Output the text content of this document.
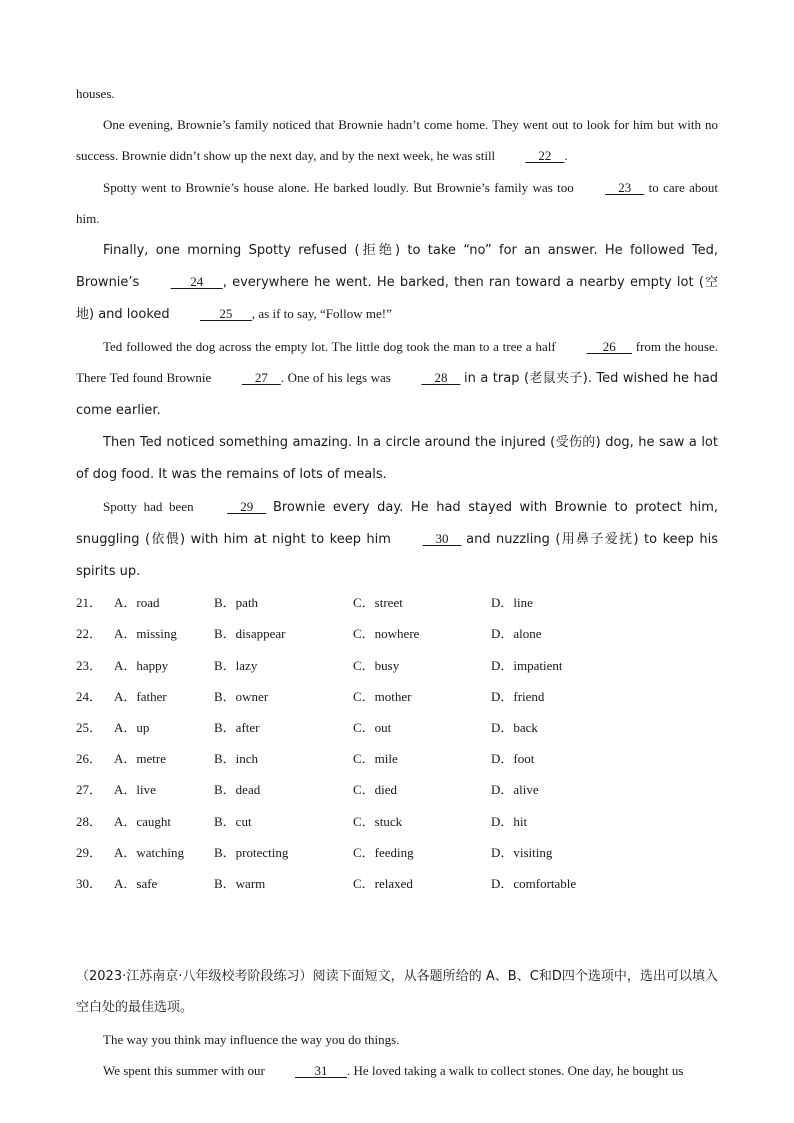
houses.

One evening, Brownie’s family noticed that Brownie hadn’t come home. They went out to look for him but with no success. Brownie didn’t show up the next day, and by the next week, he was still     22    .

Spotty went to Brownie’s house alone. He barked loudly. But Brownie’s family was too     23     to care about him.

Finally, one morning Spotty refused (拒绝) to take “no” for an answer. He followed Ted, Brownie’s       24      , everywhere he went. He barked, then ran toward a nearby empty lot (空地) and looked       25      , as if to say, “Follow me!”

Ted followed the dog across the empty lot. The little dog took the man to a tree a half      26      from the house. There Ted found Brownie     27    . One of his legs was     28     in a trap (老鼠夹子). Ted wished he had come earlier.

Then Ted noticed something amazing. In a circle around the injured (受伤的) dog, he saw a lot of dog food. It was the remains of lots of meals.

Spotty had been	29     Brownie every day. He had stayed with Brownie to protect him, snuggling (依偎) with him at night to keep him     30     and nuzzling (用鼻子爱抚) to keep his spirits up.

21． A．road	B．path	C．street	D．line
22． A．missing	B．disappear	C．nowhere	D．alone
23． A．happy	B．lazy	C．busy	D．impatient
24． A．father	B．owner	C．mother	D．friend
25． A．up	B．after	C．out	D．back
26． A．metre	B．inch	C．mile	D．foot
27． A．live	B．dead	C．died	D．alive
28． A．caught	B．cut	C．stuck	D．hit
29． A．watching	B．protecting	C．feeding	D．visiting
30． A．safe	B．warm	C．relaxed	D．comfortable

（2023·江苏南京·八年级校考阶段练习）阅读下面短文，从各题所给的 A、B、C和D四个选项中，选出可以填入空白处的最佳选项。

The way you think may influence the way you do things.

We spent this summer with our       31      . He loved taking a walk to collect stones. One day, he bought us
